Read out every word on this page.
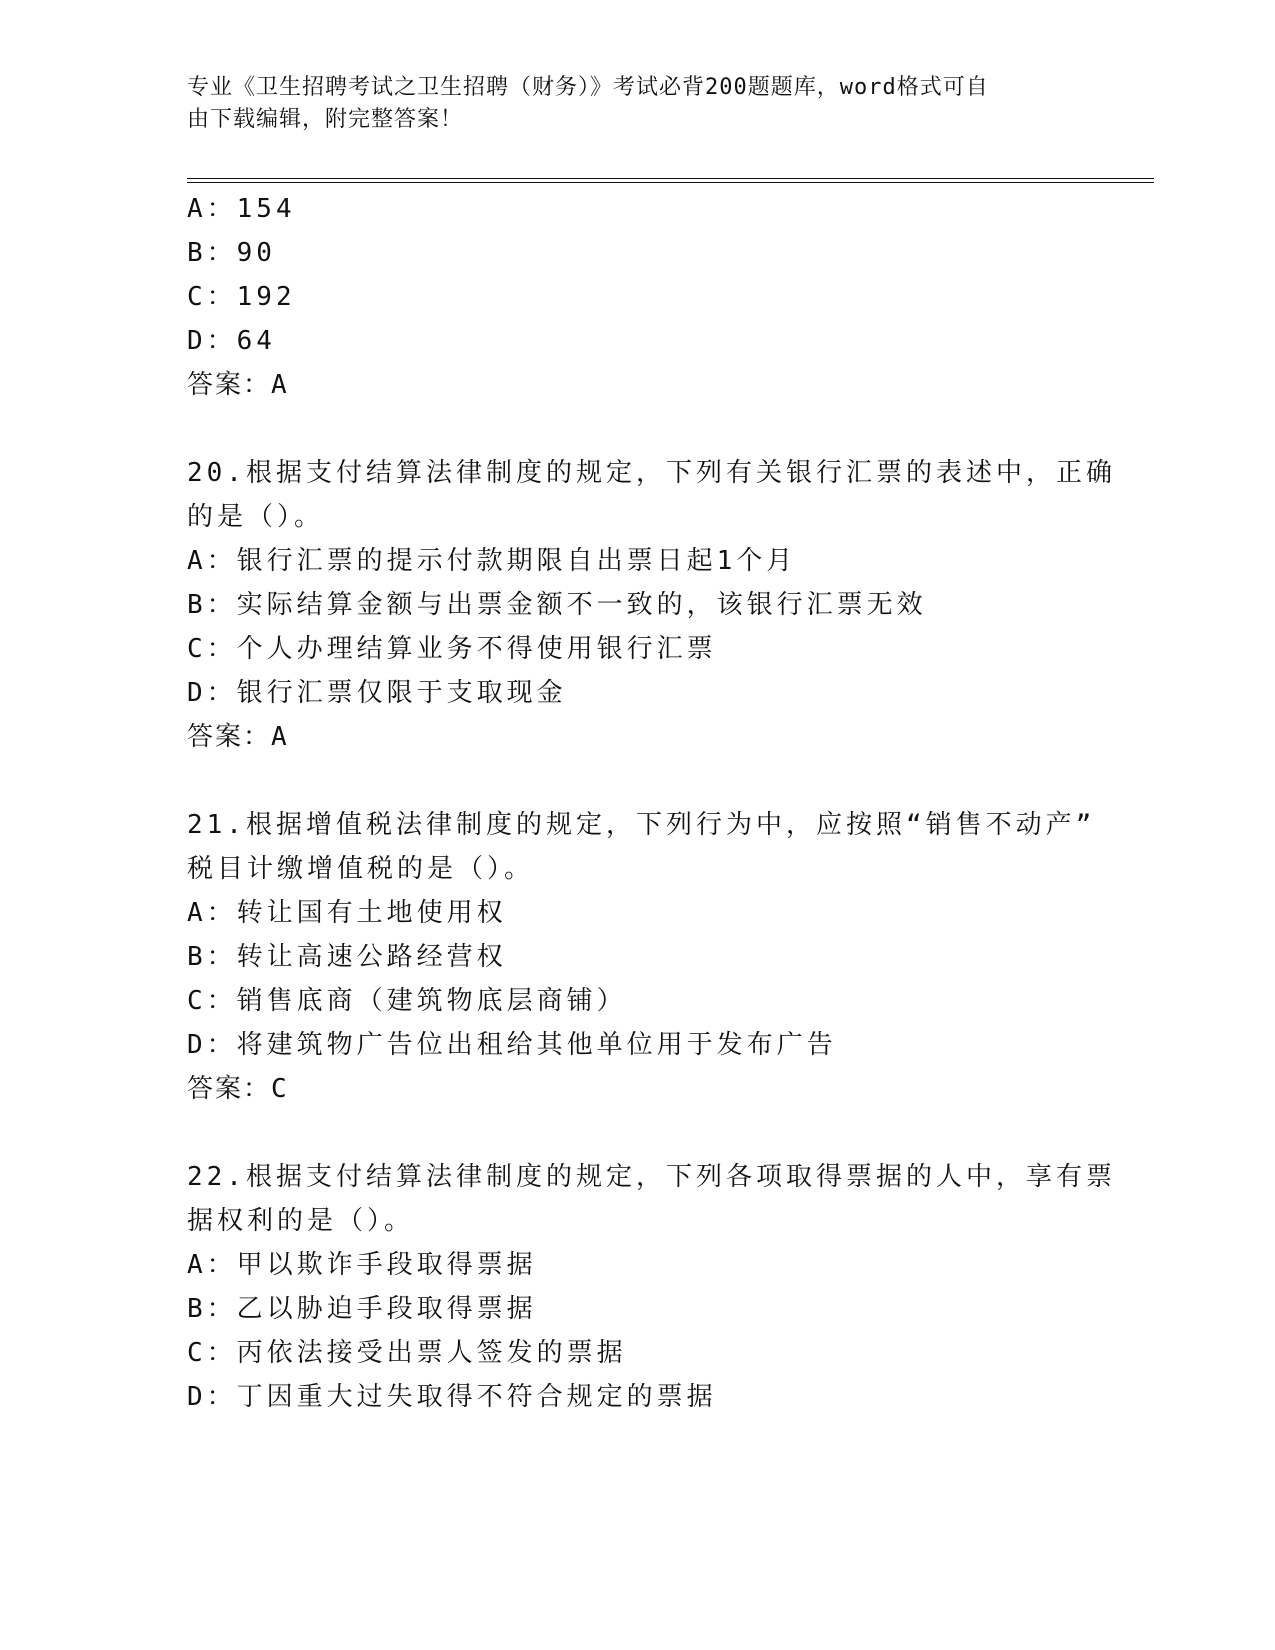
专业《卫生招聘考试之卫生招聘（财务）》考试必背200题题库，word格式可自
由下载编辑，附完整答案！
A：154
B：90
C：192
D：64
答案：A
20.根据支付结算法律制度的规定，下列有关银行汇票的表述中，正确
的是（）。
A：银行汇票的提示付款期限自出票日起1个月
B：实际结算金额与出票金额不一致的，该银行汇票无效
C：个人办理结算业务不得使用银行汇票
D：银行汇票仅限于支取现金
答案：A
21.根据增值税法律制度的规定，下列行为中，应按照“销售不动产”
税目计缴增值税的是（）。
A：转让国有土地使用权
B：转让高速公路经营权
C：销售底商（建筑物底层商铺）
D：将建筑物广告位出租给其他单位用于发布广告
答案：C
22.根据支付结算法律制度的规定，下列各项取得票据的人中，享有票
据权利的是（）。
A：甲以欺诈手段取得票据
B：乙以胁迫手段取得票据
C：丙依法接受出票人签发的票据
D：丁因重大过失取得不符合规定的票据
